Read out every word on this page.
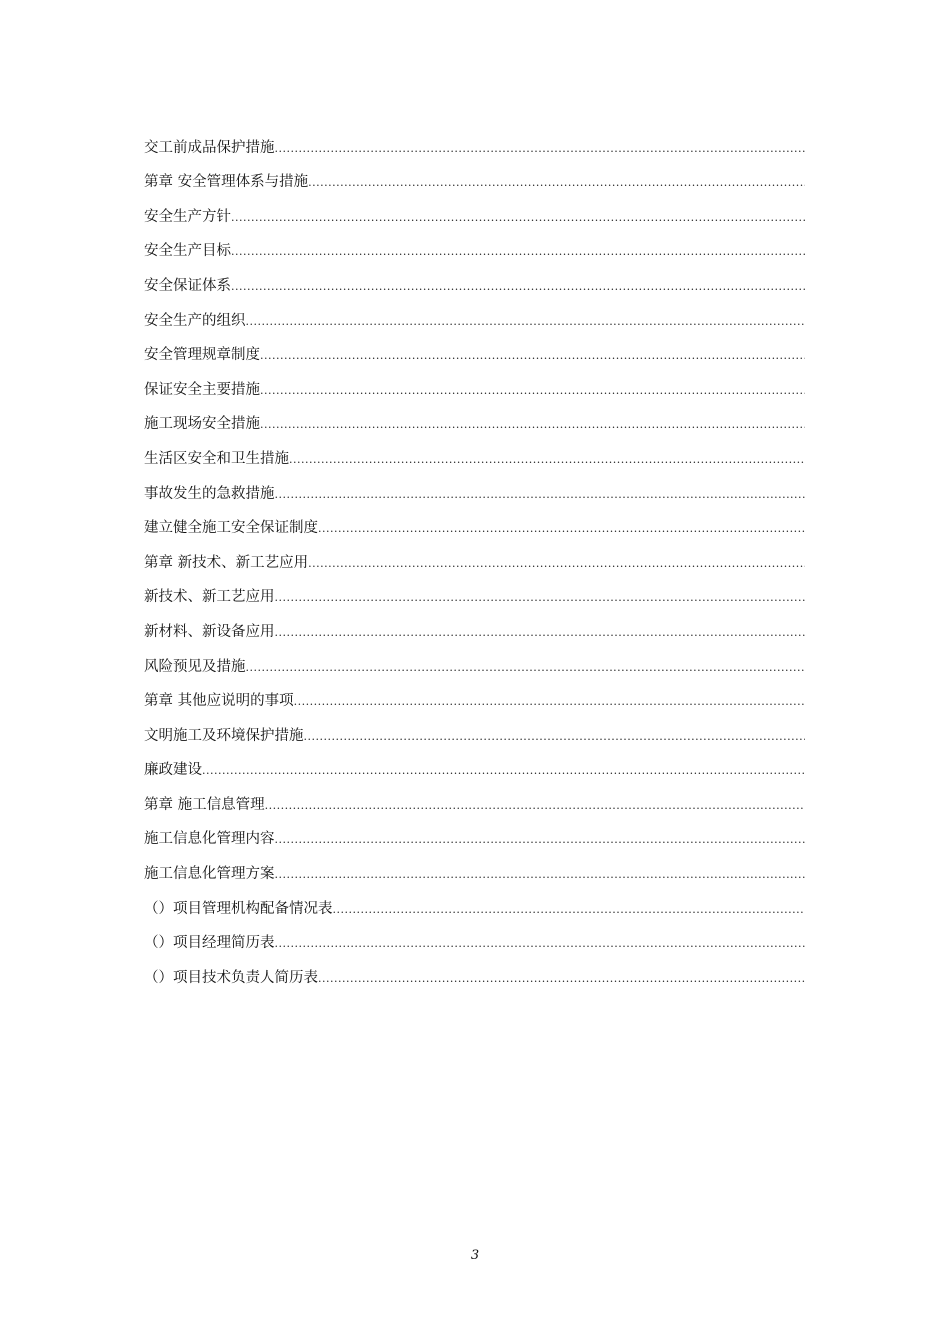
交工前成品保护措施
.....
第章 安全管理体系与措施
.....
安全生产方针
.....
安全生产目标
.....
安全保证体系
.....
安全生产的组织
.....
安全管理规章制度
.....
保证安全主要措施
.....
施工现场安全措施
.....
生活区安全和卫生措施
.....
事故发生的急救措施
.....
建立健全施工安全保证制度
.....
第章 新技术、新工艺应用
.....
新技术、新工艺应用
.....
新材料、新设备应用
.....
风险预见及措施
.....
第章 其他应说明的事项
.....
文明施工及环境保护措施
.....
廉政建设
.....
第章 施工信息管理
.....
施工信息化管理内容
.....
施工信息化管理方案
.....
（）项目管理机构配备情况表
.....
（）项目经理简历表
.....
（）项目技术负责人简历表
.....
3
